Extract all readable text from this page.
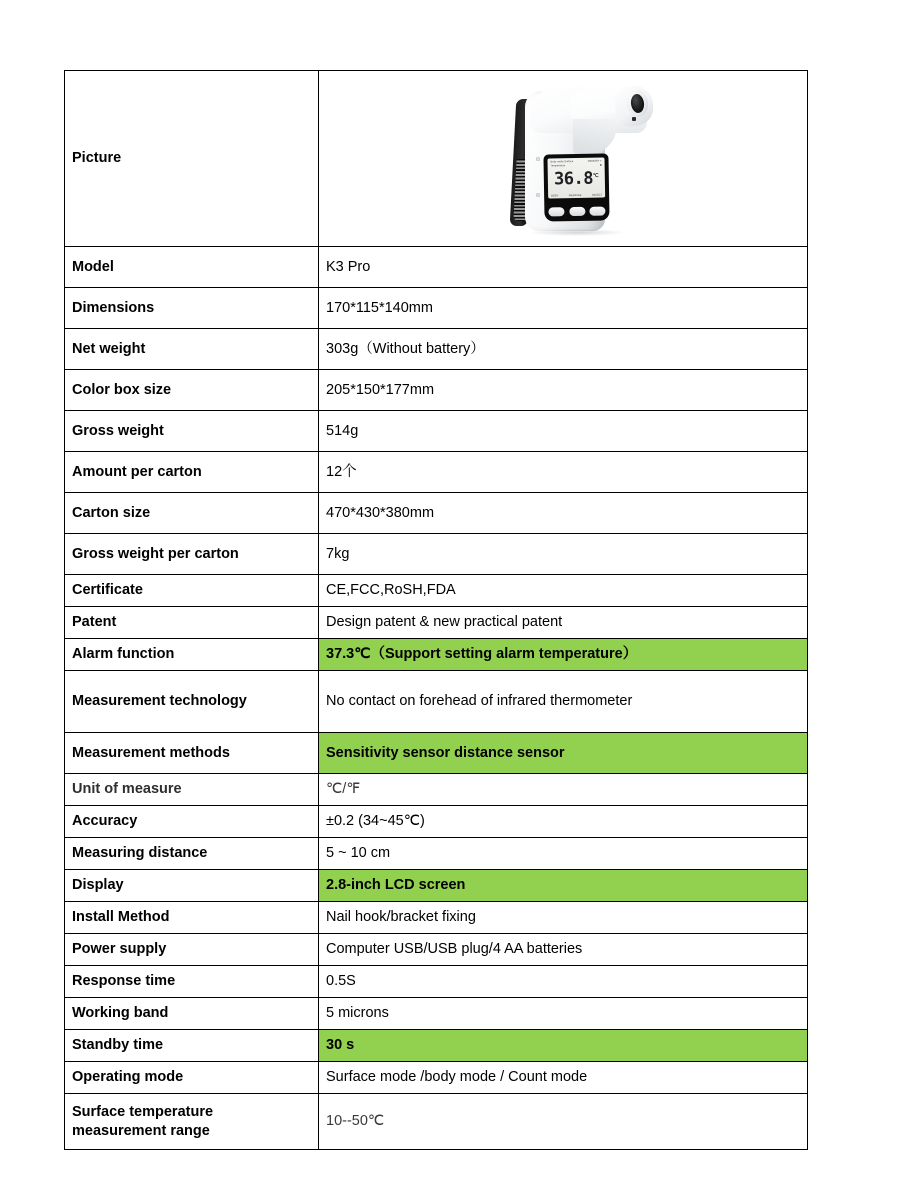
Picture	Body mode Surface Temperature
MEMORY ≡ ▮
36.8℃
BODY	MEASURE	OBJECT

Model	K3 Pro
Dimensions	170*115*140mm
Net weight	303g（Without battery）
Color box size	205*150*177mm
Gross weight	514g
Amount per carton	12个
Carton size	470*430*380mm
Gross weight per carton	7kg
Certificate	CE,FCC,RoSH,FDA
Patent	Design patent & new practical patent
Alarm function	37.3℃（Support setting alarm temperature）
Measurement technology	No contact on forehead of infrared thermometer
Measurement methods	Sensitivity sensor distance sensor
Unit of measure	℃/℉
Accuracy	±0.2 (34~45℃)
Measuring distance	5 ~ 10 cm
Display	2.8-inch LCD screen
Install Method	Nail hook/bracket fixing
Power supply	Computer USB/USB plug/4 AA batteries
Response time	0.5S
Working band	5 microns
Standby time	30 s
Operating mode	Surface mode /body mode / Count mode
Surface temperature measurement range	10--50℃
